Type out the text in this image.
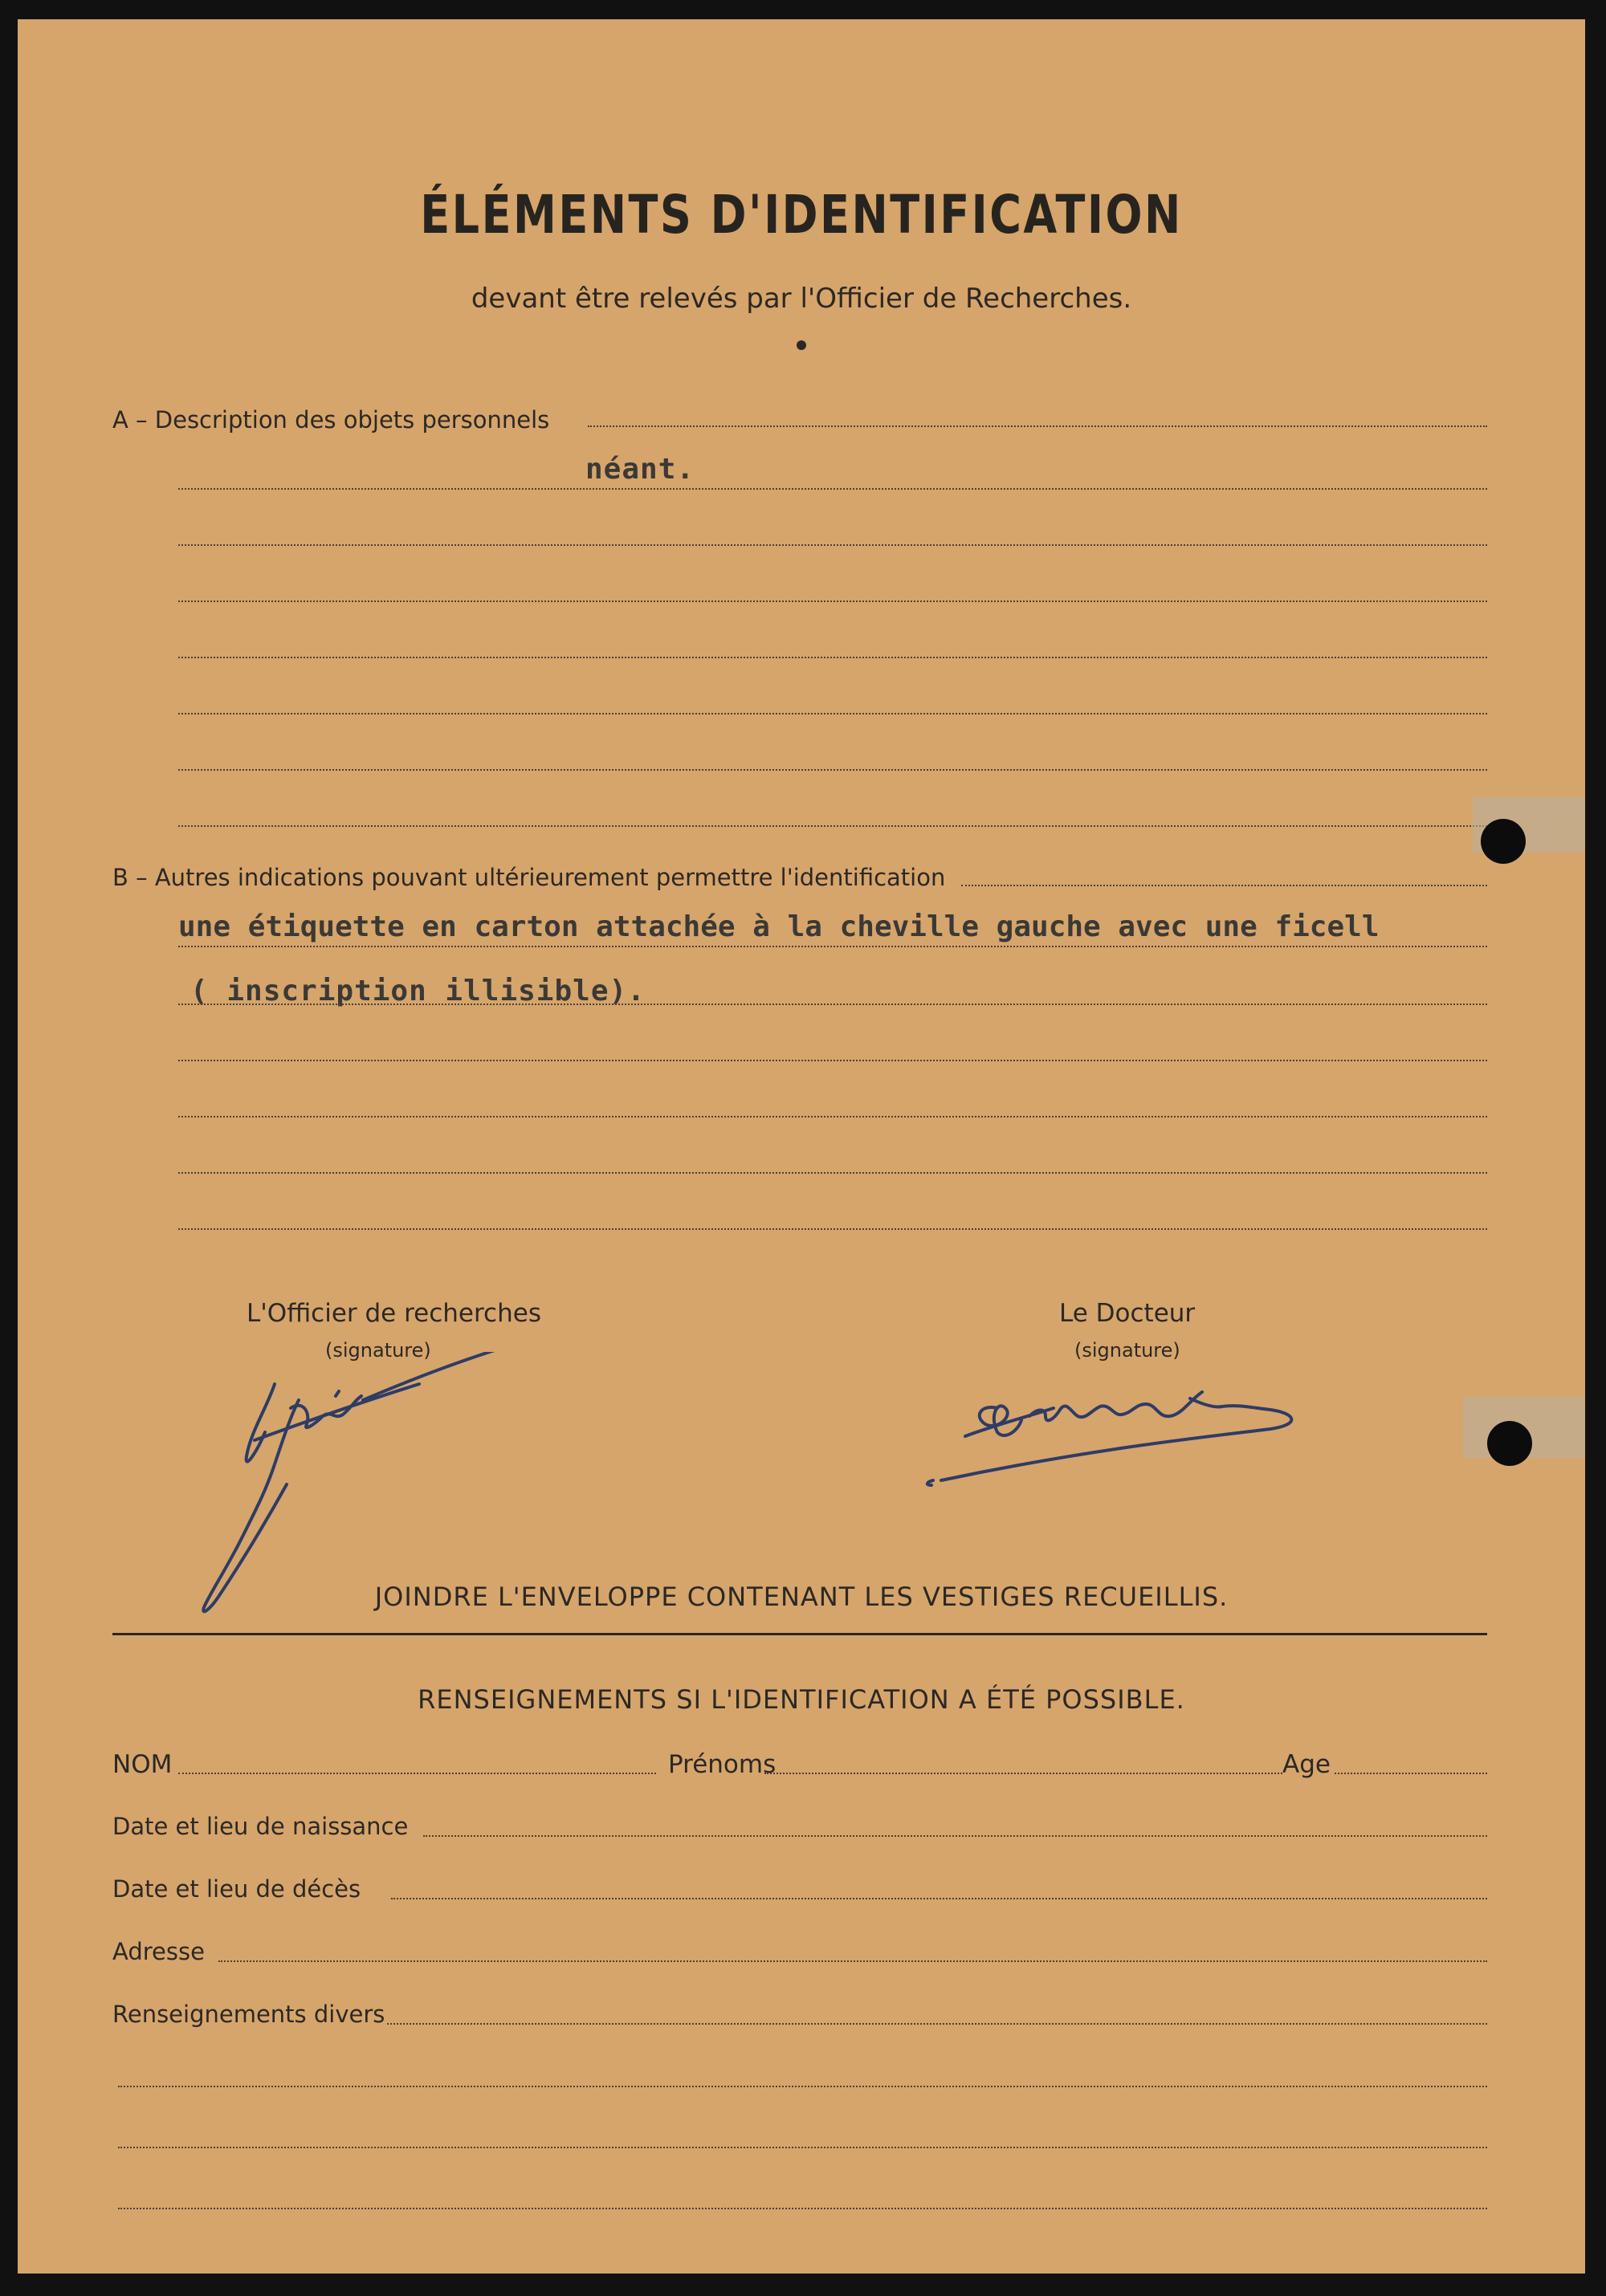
ÉLÉMENTS D'IDENTIFICATION
devant être relevés par l'Officier de Recherches.
A – Description des objets personnels
néant.
B – Autres indications pouvant ultérieurement permettre l'identification
une étiquette en carton attachée à la cheville gauche avec une ficell
( inscription illisible).
L'Officier de recherches
(signature)
Le Docteur
(signature)
JOINDRE L'ENVELOPPE CONTENANT LES VESTIGES RECUEILLIS.
RENSEIGNEMENTS SI L'IDENTIFICATION A ÉTÉ POSSIBLE.
NOM	Prénoms	Age
Date et lieu de naissance
Date et lieu de décès
Adresse
Renseignements divers
